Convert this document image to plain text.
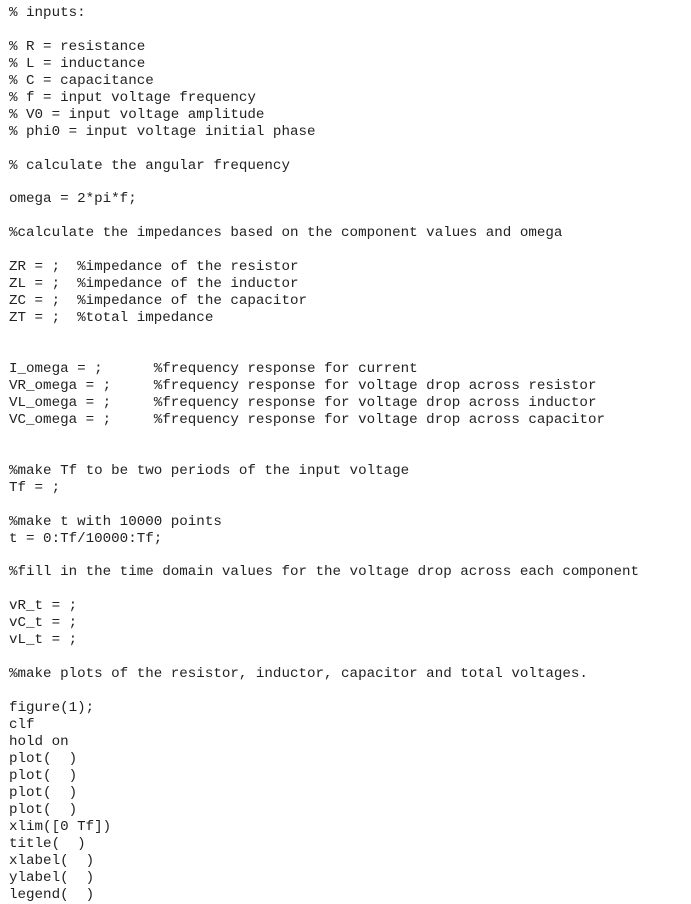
% inputs:
% R = resistance
% L = inductance
% C = capacitance
% f = input voltage frequency
% V0 = input voltage amplitude
% phi0 = input voltage initial phase
% calculate the angular frequency
omega = 2*pi*f;
%calculate the impedances based on the component values and omega
ZR = ;  %impedance of the resistor
ZL = ;  %impedance of the inductor
ZC = ;  %impedance of the capacitor
ZT = ;  %total impedance
I_omega = ;      %frequency response for current
VR_omega = ;     %frequency response for voltage drop across resistor
VL_omega = ;     %frequency response for voltage drop across inductor
VC_omega = ;     %frequency response for voltage drop across capacitor
%make Tf to be two periods of the input voltage
Tf = ;
%make t with 10000 points
t = 0:Tf/10000:Tf;
%fill in the time domain values for the voltage drop across each component
vR_t = ;
vC_t = ;
vL_t = ;
%make plots of the resistor, inductor, capacitor and total voltages.
figure(1);
clf
hold on
plot(  )
plot(  )
plot(  )
plot(  )
xlim([0 Tf])
title(  )
xlabel(  )
ylabel(  )
legend(  )
